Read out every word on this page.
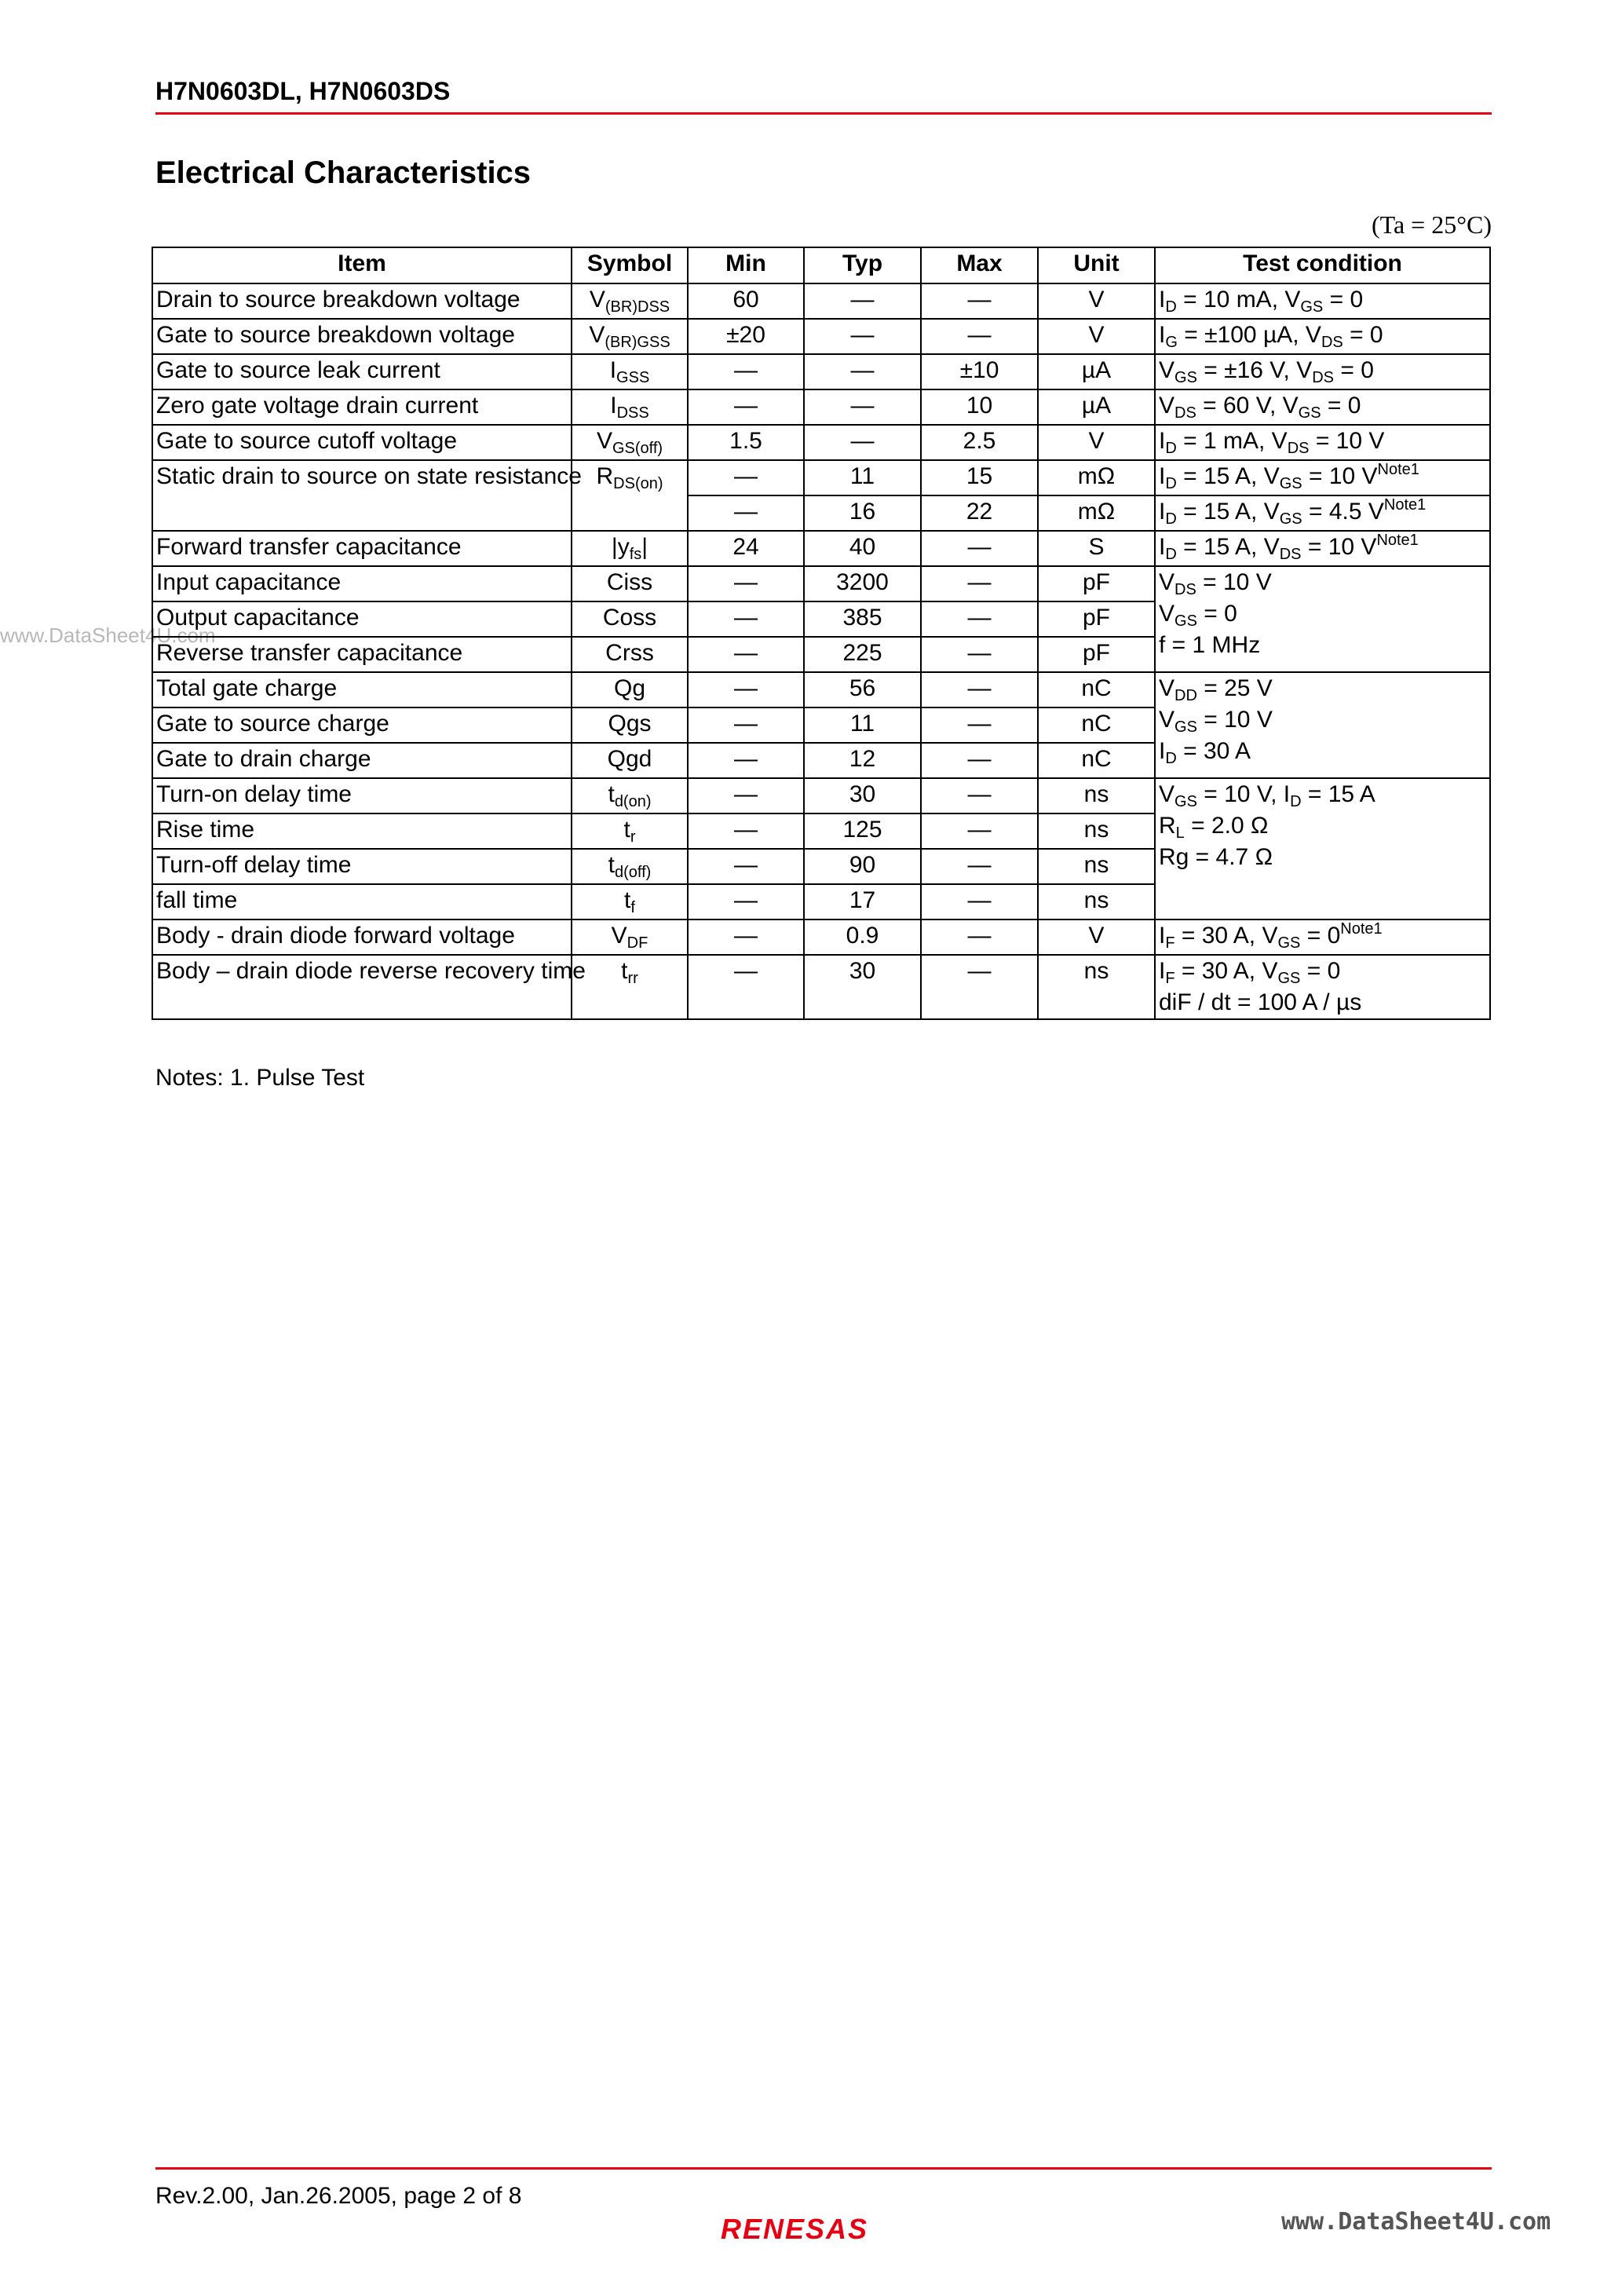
H7N0603DL, H7N0603DS
Electrical Characteristics
(Ta = 25°C)
www.DataSheet4U.com
Item	Symbol	Min	Typ	Max	Unit	Test condition
Drain to source breakdown voltage	$V_{(BR)DSS}$	60	—	—	V	$I_D = 10$ mA, $V_{GS} = 0$
Gate to source breakdown voltage	$V_{(BR)GSS}$	±20	—	—	V	$I_G = \pm 100$ µA, $V_{DS} = 0$
Gate to source leak current	$I_{GSS}$	—	—	±10	µA	$V_{GS} = \pm 16$ V, $V_{DS} = 0$
Zero gate voltage drain current	$I_{DSS}$	—	—	10	µA	$V_{DS} = 60$ V, $V_{GS} = 0$
Gate to source cutoff voltage	$V_{GS(off)}$	1.5	—	2.5	V	$I_D = 1$ mA, $V_{DS} = 10$ V
Static drain to source on state resistance	$R_{DS(on)}$	—	11	15	mΩ	$I_D = 15$ A, $V_{GS} = 10$ $V^{Note1}$
		—	16	22	mΩ	$I_D = 15$ A, $V_{GS} = 4.5$ $V^{Note1}$
Forward transfer capacitance	$|y_{fs}|$	24	40	—	S	$I_D = 15$ A, $V_{DS} = 10$ $V^{Note1}$
Input capacitance	Ciss	—	3200	—	pF	$V_{DS} = 10$ V
$V_{GS} = 0$
f = 1 MHz

Output capacitance	Coss	—	385	—	pF	
Reverse transfer capacitance	Crss	—	225	—	pF	
Total gate charge	Qg	—	56	—	nC	$V_{DD} = 25$ V
$V_{GS} = 10$ V
$I_D = 30$ A

Gate to source charge	Qgs	—	11	—	nC	
Gate to drain charge	Qgd	—	12	—	nC	
Turn-on delay time	$t_{d(on)}$	—	30	—	ns	$V_{GS} = 10$ V, $I_D = 15$ A
$R_L = 2.0$ Ω
Rg = 4.7 Ω

Rise time	$t_r$	—	125	—	ns	
Turn-off delay time	$t_{d(off)}$	—	90	—	ns	
fall time	$t_f$	—	17	—	ns	
Body - drain diode forward voltage	$V_{DF}$	—	0.9	—	V	$I_F = 30$ A, $V_{GS} = 0^{Note1}$
Body – drain diode reverse recovery time	$t_{rr}$	—	30	—	ns	$I_F = 30$ A, $V_{GS} = 0$
diF / dt = 100 A / µs
Notes: 1. Pulse Test
Rev.2.00, Jan.26.2005, page 2 of 8
RENESAS	www.DataSheet4U.com
